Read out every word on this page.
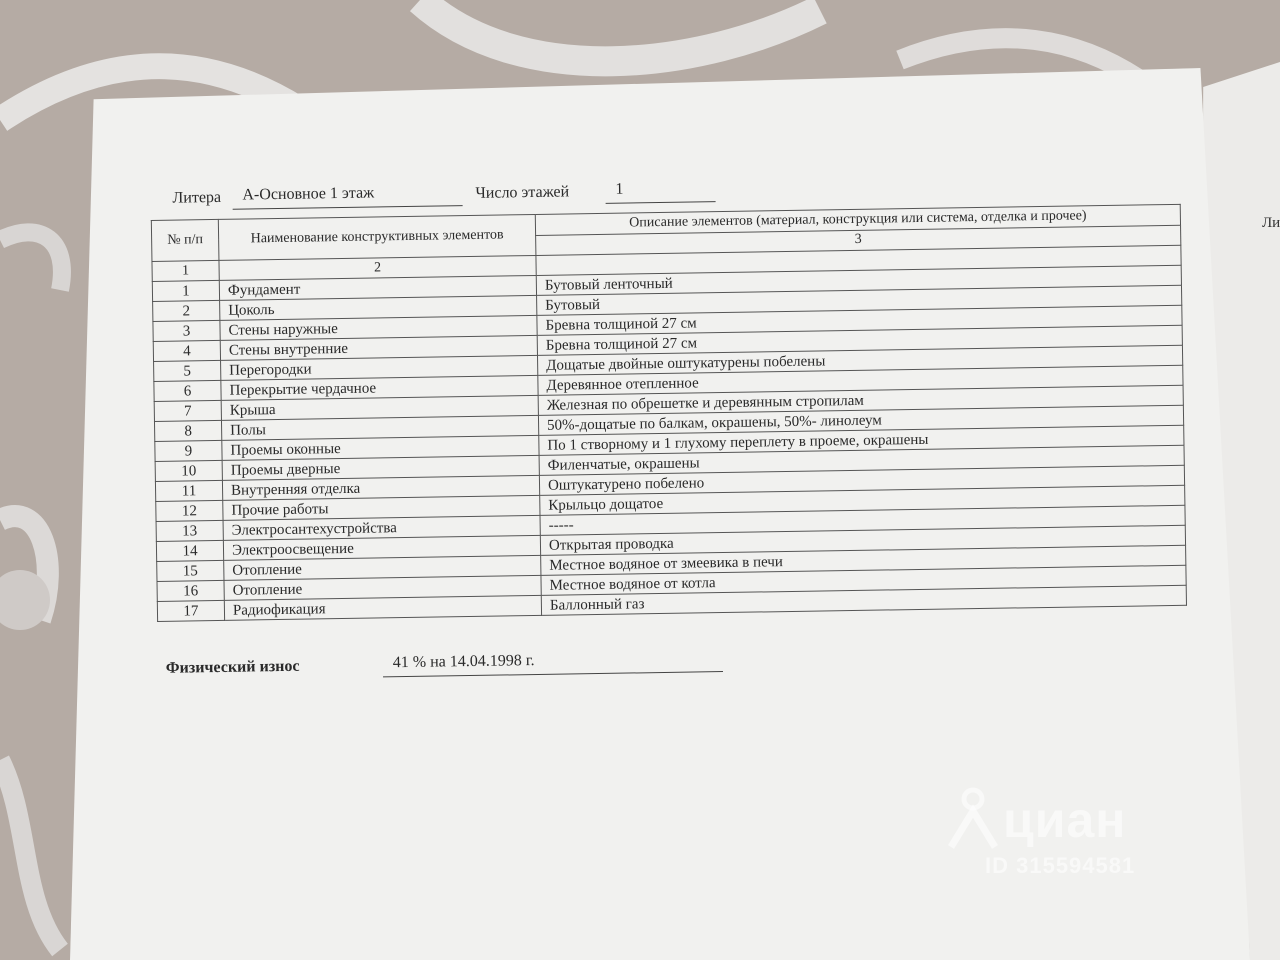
Ли
Литера	А-Основное 1 этаж	Число этажей	1
№ п/п	Наименование конструктивных элементов	Описание элементов (материал, конструкция или система, отделка и прочее)
		3
1	2	
1	Фундамент	Бутовый ленточный
2	Цоколь	Бутовый
3	Стены наружные	Бревна толщиной 27 см
4	Стены внутренние	Бревна толщиной 27 см
5	Перегородки	Дощатые двойные оштукатурены побелены
6	Перекрытие чердачное	Деревянное отепленное
7	Крыша	Железная по обрешетке и деревянным стропилам
8	Полы	50%-дощатые по балкам, окрашены, 50%- линолеум
9	Проемы оконные	По 1 створному и 1 глухому переплету в проеме, окрашены
10	Проемы дверные	Филенчатые, окрашены
11	Внутренняя отделка	Оштукатурено побелено
12	Прочие работы	Крыльцо дощатое
13	Электросантехустройства	-----
14	Электроосвещение	Открытая проводка
15	Отопление	Местное водяное от змеевика в печи
16	Отопление	Местное водяное от котла
17	Радиофикация	Баллонный газ
Физический износ	41 % на 14.04.1998 г.
циан
ID 315594581
